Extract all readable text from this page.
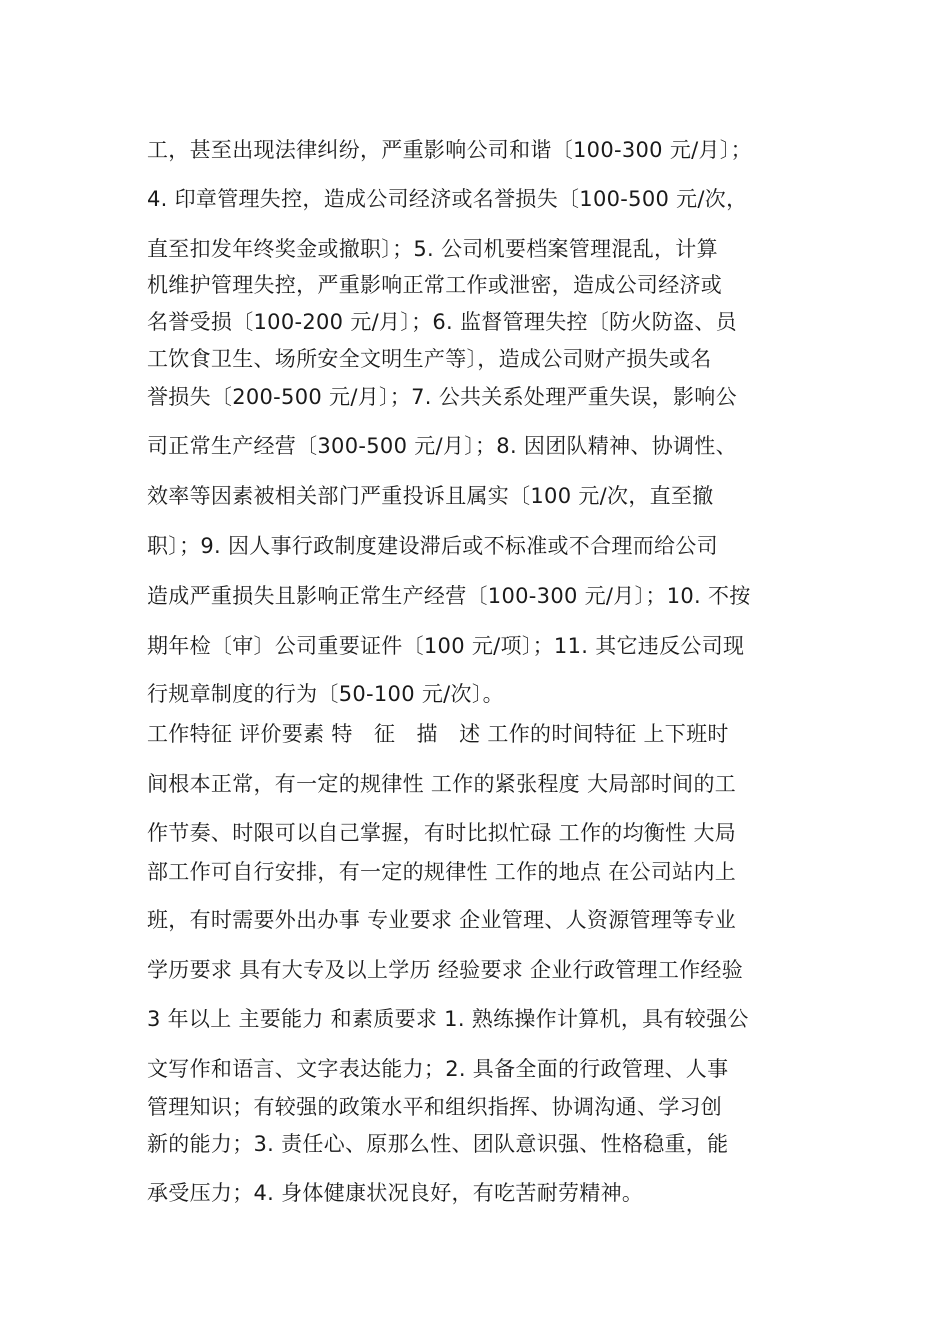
工，甚至出现法律纠纷，严重影响公司和谐〔100-300 元/月〕；
4. 印章管理失控，造成公司经济或名誉损失〔100-500 元/次，
直至扣发年终奖金或撤职〕；5. 公司机要档案管理混乱，计算
机维护管理失控，严重影响正常工作或泄密，造成公司经济或
名誉受损〔100-200 元/月〕；6. 监督管理失控〔防火防盗、员
工饮食卫生、场所安全文明生产等〕，造成公司财产损失或名
誉损失〔200-500 元/月〕；7. 公共关系处理严重失误，影响公
司正常生产经营〔300-500 元/月〕；8. 因团队精神、协调性、
效率等因素被相关部门严重投诉且属实〔100 元/次，直至撤
职〕；9. 因人事行政制度建设滞后或不标准或不合理而给公司
造成严重损失且影响正常生产经营〔100-300 元/月〕；10. 不按
期年检〔审〕公司重要证件〔100 元/项〕；11. 其它违反公司现
行规章制度的行为〔50-100 元/次〕。
工作特征 评价要素 特　征　描　述 工作的时间特征 上下班时
间根本正常，有一定的规律性 工作的紧张程度 大局部时间的工
作节奏、时限可以自己掌握，有时比拟忙碌 工作的均衡性 大局
部工作可自行安排，有一定的规律性 工作的地点 在公司站内上
班，有时需要外出办事 专业要求 企业管理、人资源管理等专业
学历要求 具有大专及以上学历 经验要求 企业行政管理工作经验
3 年以上 主要能力 和素质要求 1. 熟练操作计算机，具有较强公
文写作和语言、文字表达能力；2. 具备全面的行政管理、人事
管理知识；有较强的政策水平和组织指挥、协调沟通、学习创
新的能力；3. 责任心、原那么性、团队意识强、性格稳重，能
承受压力；4. 身体健康状况良好，有吃苦耐劳精神。
